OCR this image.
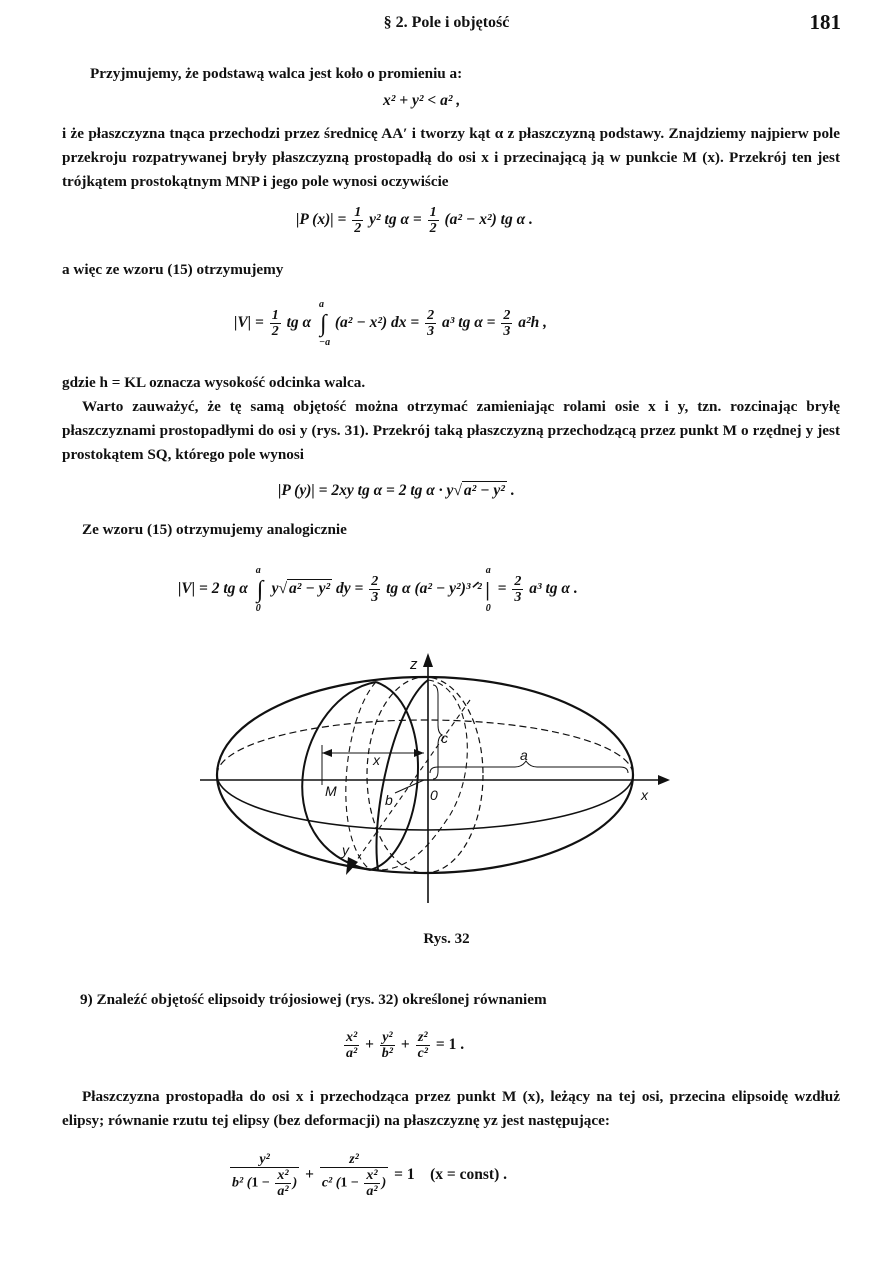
§ 2. Pole i objętość	181
Przyjmujemy, że podstawą walca jest koło o promieniu a:
x² + y² < a² ,
i że płaszczyzna tnąca przechodzi przez średnicę AA′ i tworzy kąt α z płaszczyzną podstawy. Znajdziemy najpierw pole przekroju rozpatrywanej bryły płaszczyzną prostopadłą do osi x i przecinającą ją w punkcie M (x). Przekrój ten jest trójkątem prostokątnym MNP i jego pole wynosi oczywiście
|P $(x)| = \frac{1}{2} y^2$ tg $\alpha = \frac{1}{2} (a^2 - x^2)$ tg α .
a więc ze wzoru (15) otrzymujemy
$|V| = \frac{1}{2}$ tg α ∫
a
−a
(a² − x²) dx = $\frac{2}{3} a^3$ tg $\alpha = \frac{2}{3} a^2h$ ,
gdzie h = KL oznacza wysokość odcinka walca.
Warto zauważyć, że tę samą objętość można otrzymać zamieniając rolami osie x i y, tzn. rozcinając bryłę płaszczyznami prostopadłymi do osi y (rys. 31). Przekrój taką płaszczyzną przechodzącą przez punkt M o rzędnej y jest prostokątem SQ, którego pole wynosi
|P (y)| = 2xy tg α = 2 tg α · y√ a² − y² .
Ze wzoru (15) otrzymujemy analogicznie
|V| = 2 tg α ∫
a
0
y√ a² − y² dy = $\frac{2}{3}$ tg α (a² − y²)³ᐟ² |
a
0
= $\frac{2}{3} a^3$ tg α .
z
x
c
a
x
M
b	0
y
Rys. 32
9) Znaleźć objętość elipsoidy trójosiowej (rys. 32) określonej równaniem
$\frac{\text{x²}}{\text{a²}} + \frac{\text{y²}}{\text{b²}} + \frac{\text{z²}}{\text{c²}} = 1$ .
Płaszczyzna prostopadła do osi x i przechodząca przez punkt M (x), leżący na tej osi, przecina elipsoidę wzdłuż elipsy; równanie rzutu tej elipsy (bez deformacji) na płaszczyznę yz jest następujące:
$\frac{\text{y²}}{b^2 (1 - \frac{\text{x²}}{\text{a²}} )} + \frac{\text{z²}}{c^2 (1 - \frac{\text{x²}}{\text{a²}} )} = 1$ (x = const) .
